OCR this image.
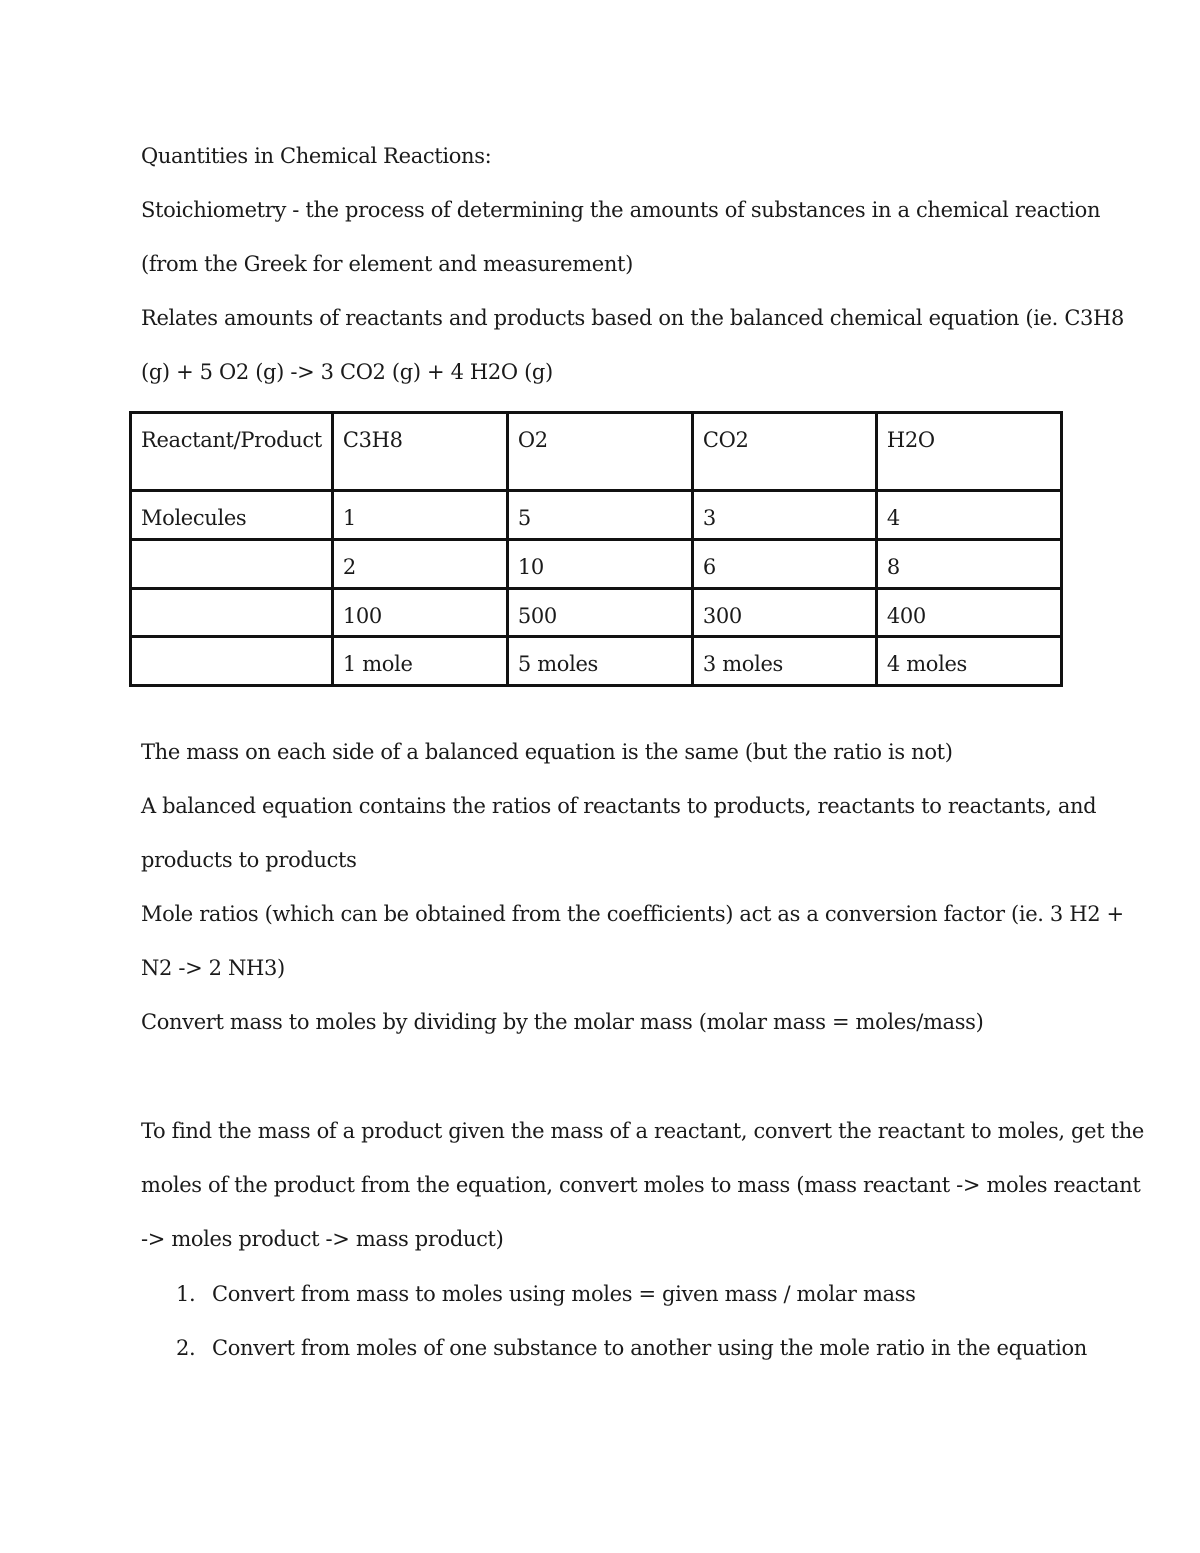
Quantities in Chemical Reactions:
Stoichiometry - the process of determining the amounts of substances in a chemical reaction
(from the Greek for element and measurement)
Relates amounts of reactants and products based on the balanced chemical equation (ie. C3H8
(g) + 5 O2 (g) -> 3 CO2 (g) + 4 H2O (g)
Reactant/Product	C3H8	O2	CO2	H2O
Molecules	1	5	3	4
	2	10	6	8
	100	500	300	400
	1 mole	5 moles	3 moles	4 moles
The mass on each side of a balanced equation is the same (but the ratio is not)
A balanced equation contains the ratios of reactants to products, reactants to reactants, and
products to products
Mole ratios (which can be obtained from the coefficients) act as a conversion factor (ie. 3 H2 +
N2 -> 2 NH3)
Convert mass to moles by dividing by the molar mass (molar mass = moles/mass)
To find the mass of a product given the mass of a reactant, convert the reactant to moles, get the
moles of the product from the equation, convert moles to mass (mass reactant -> moles reactant
-> moles product -> mass product)
1. Convert from mass to moles using moles = given mass / molar mass
2. Convert from moles of one substance to another using the mole ratio in the equation
